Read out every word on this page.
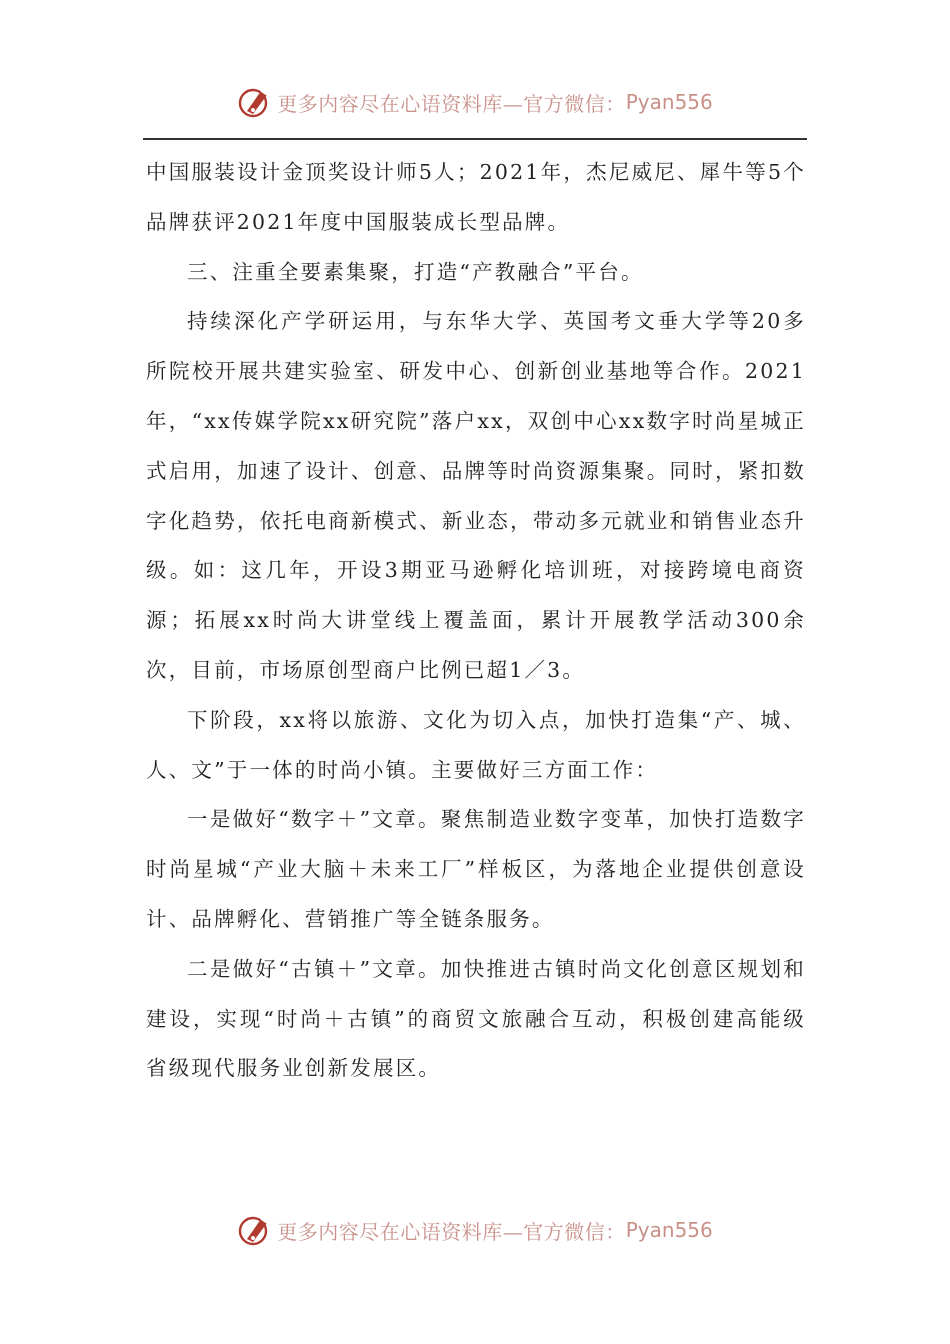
更多内容尽在心语资料库—官方微信： Pyan556

中国服装设计金顶奖设计师5人；2021年，杰尼威尼、犀牛等5个品牌获评2021年度中国服装成长型品牌。

三、注重全要素集聚，打造“产教融合”平台。

持续深化产学研运用，与东华大学、英国考文垂大学等20多所院校开展共建实验室、研发中心、创新创业基地等合作。2021年，“xx传媒学院xx研究院”落户xx，双创中心xx数字时尚星城正式启用，加速了设计、创意、品牌等时尚资源集聚。同时，紧扣数字化趋势，依托电商新模式、新业态，带动多元就业和销售业态升级。如：这几年，开设3期亚马逊孵化培训班，对接跨境电商资源；拓展xx时尚大讲堂线上覆盖面，累计开展教学活动300余次，目前，市场原创型商户比例已超1／3。

下阶段，xx将以旅游、文化为切入点，加快打造集“产、城、人、文”于一体的时尚小镇。主要做好三方面工作：

一是做好“数字＋”文章。聚焦制造业数字变革，加快打造数字时尚星城“产业大脑＋未来工厂”样板区，为落地企业提供创意设计、品牌孵化、营销推广等全链条服务。

二是做好“古镇＋”文章。加快推进古镇时尚文化创意区规划和建设，实现“时尚＋古镇”的商贸文旅融合互动，积极创建高能级省级现代服务业创新发展区。

更多内容尽在心语资料库—官方微信： Pyan556
